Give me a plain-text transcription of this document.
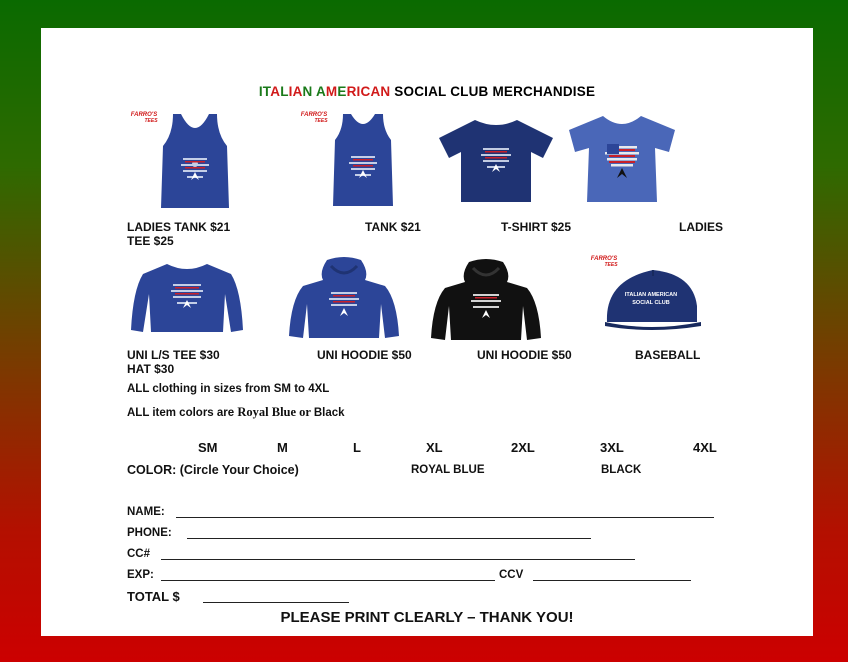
ITALIAN AMERICAN SOCIAL CLUB MERCHANDISE
FARRO'S
TEES
FARRO'S
TEES
LADIES TANK $21	TANK $21	T-SHIRT $25	LADIES
TEE $25
FARRO'S
TEES
ITALIAN AMERICAN
SOCIAL CLUB
UNI L/S TEE $30	UNI HOODIE $50	UNI HOODIE $50	BASEBALL
HAT $30
ALL clothing in sizes from SM to 4XL
ALL item colors are Royal Blue or Black
SM	M	L	XL	2XL	3XL	4XL
COLOR: (Circle Your Choice)	ROYAL BLUE	BLACK
NAME:
PHONE:
CC#
EXP:	CCV
TOTAL $
PLEASE PRINT CLEARLY – THANK YOU!
